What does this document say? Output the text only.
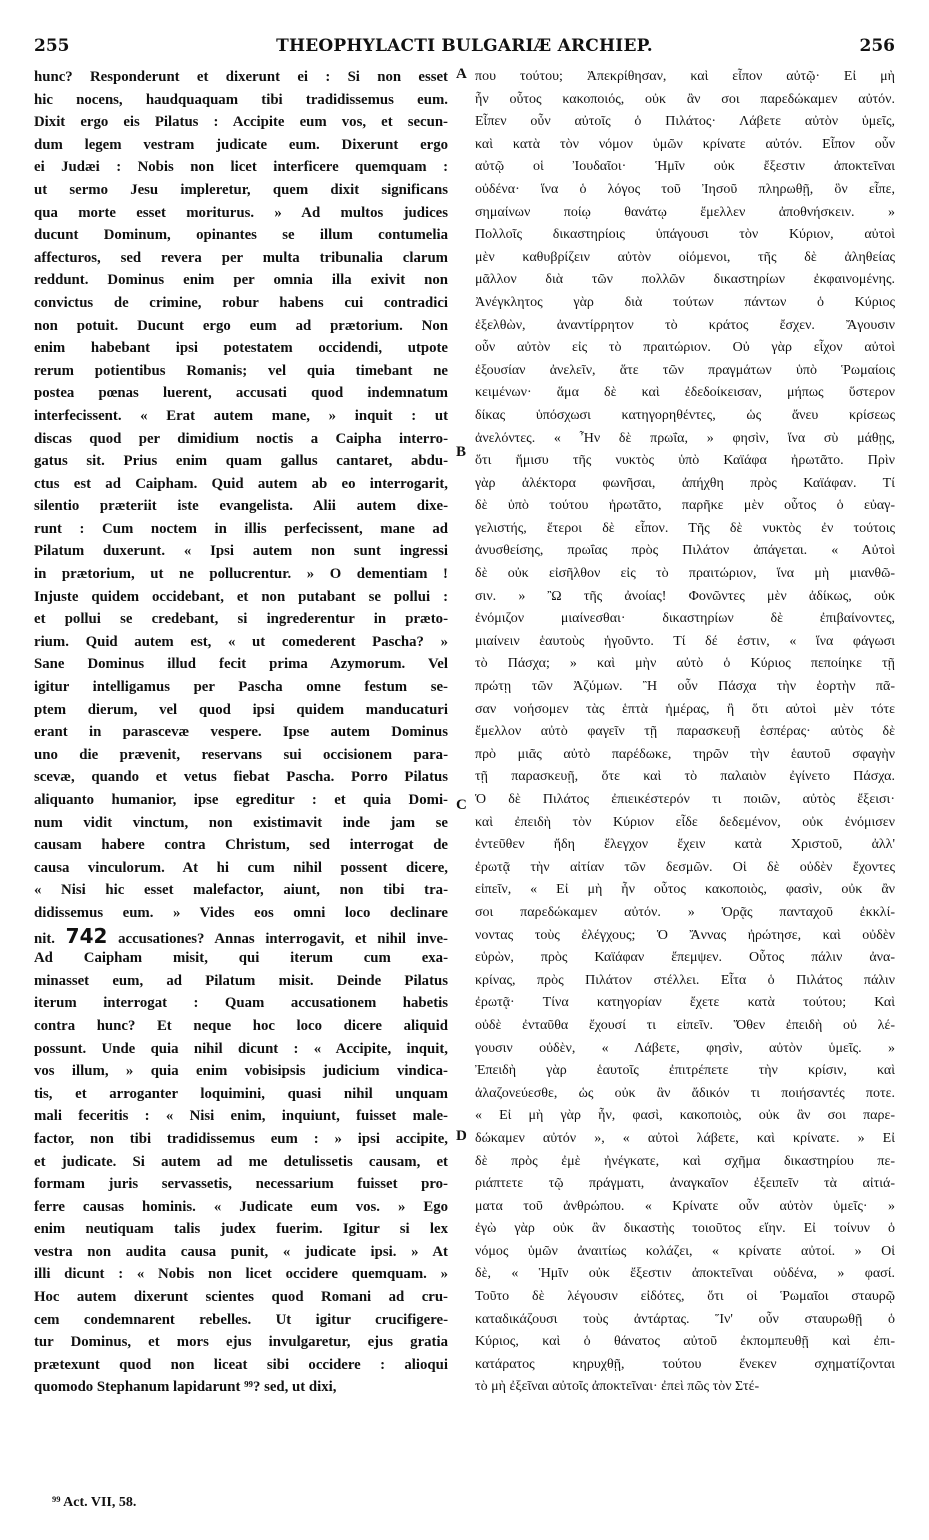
255	THEOPHYLACTI BULGARIÆ ARCHIEP.	256
hunc? Responderunt et dixerunt ei : Si non esset
hic nocens, haudquaquam tibi tradidissemus eum.
Dixit ergo eis Pilatus : Accipite eum vos, et secun-
dum legem vestram judicate eum. Dixerunt ergo
ei Judæi : Nobis non licet interficere quemquam :
ut sermo Jesu impleretur, quem dixit significans
qua morte esset moriturus. » Ad multos judices
ducunt Dominum, opinantes se illum contumelia
affecturos, sed revera per multa tribunalia clarum
reddunt. Dominus enim per omnia illa exivit non
convictus de crimine, robur habens cui contradici
non potuit. Ducunt ergo eum ad prætorium. Non
enim habebant ipsi potestatem occidendi, utpote
rerum potientibus Romanis; vel quia timebant ne
postea pœnas luerent, accusati quod indemnatum
interfecissent. « Erat autem mane, » inquit : ut
discas quod per dimidium noctis a Caipha interro-
gatus sit. Prius enim quam gallus cantaret, abdu-
ctus est ad Caipham. Quid autem ab eo interrogarit,
silentio præteriit iste evangelista. Alii autem dixe-
runt : Cum noctem in illis perfecissent, mane ad
Pilatum duxerunt. « Ipsi autem non sunt ingressi
in prætorium, ut ne pollucrentur. » O dementiam !
Injuste quidem occidebant, et non putabant se pollui :
et pollui se credebant, si ingrederentur in præto-
rium. Quid autem est, « ut comederent Pascha? »
Sane Dominus illud fecit prima Azymorum. Vel
igitur intelligamus per Pascha omne festum se-
ptem dierum, vel quod ipsi quidem manducaturi
erant in parascevæ vespere. Ipse autem Dominus
uno die prævenit, reservans sui occisionem para-
scevæ, quando et vetus fiebat Pascha. Porro Pilatus
aliquanto humanior, ipse egreditur : et quia Domi-
num vidit vinctum, non existimavit inde jam se
causam habere contra Christum, sed interrogat de
causa vinculorum. At hi cum nihil possent dicere,
« Nisi hic esset malefactor, aiunt, non tibi tra-
didissemus eum. » Vides eos omni loco declinare
nit. 742 accusationes? Annas interrogavit, et nihil inve-
Ad Caipham misit, qui iterum cum exa-
minasset eum, ad Pilatum misit. Deinde Pilatus
iterum interrogat : Quam accusationem habetis
contra hunc? Et neque hoc loco dicere aliquid
possunt. Unde quia nihil dicunt : « Accipite, inquit,
vos illum, » quia enim vobisipsis judicium vindica-
tis, et arroganter loquimini, quasi nihil unquam
mali feceritis : « Nisi enim, inquiunt, fuisset male-
factor, non tibi tradidissemus eum : » ipsi accipite,
et judicate. Si autem ad me detulissetis causam, et
formam juris servassetis, necessarium fuisset pro-
ferre causas hominis. « Judicate eum vos. » Ego
enim neutiquam talis judex fuerim. Igitur si lex
vestra non audita causa punit, « judicate ipsi. » At
illi dicunt : « Nobis non licet occidere quemquam. »
Hoc autem dixerunt scientes quod Romani ad cru-
cem condemnarent rebelles. Ut igitur crucifigere-
tur Dominus, et mors ejus invulgaretur, ejus gratia
prætexunt quod non liceat sibi occidere : alioqui
quomodo Stephanum lapidarunt ⁹⁹? sed, ut dixi,
που τούτου; Ἀπεκρίθησαν, καὶ εἶπον αὐτῷ· Εἰ μὴ
ἦν οὗτος κακοποιός, οὐκ ἂν σοι παρεδώκαμεν αὐτόν.
Εἶπεν οὖν αὐτοῖς ὁ Πιλάτος· Λάβετε αὐτὸν ὑμεῖς,
καὶ κατὰ τὸν νόμον ὑμῶν κρίνατε αὐτόν. Εἶπον οὖν
αὐτῷ οἱ Ἰουδαῖοι· Ἡμῖν οὐκ ἔξεστιν ἀποκτεῖναι
οὐδένα· ἵνα ὁ λόγος τοῦ Ἰησοῦ πληρωθῇ, ὃν εἶπε,
σημαίνων ποίῳ θανάτῳ ἔμελλεν ἀποθνήσκειν. »
Πολλοῖς δικαστηρίοις ὑπάγουσι τὸν Κύριον, αὐτοὶ
μὲν καθυβρίζειν αὐτὸν οἰόμενοι, τῆς δὲ ἀληθείας
μᾶλλον διὰ τῶν πολλῶν δικαστηρίων ἐκφαινομένης.
Ἀνέγκλητος γὰρ διὰ τούτων πάντων ὁ Κύριος
ἐξελθὼν, ἀναντίρρητον τὸ κράτος ἔσχεν. Ἄγουσιν
οὖν αὐτὸν εἰς τὸ πραιτώριον. Οὐ γὰρ εἶχον αὐτοὶ
ἐξουσίαν ἀνελεῖν, ἅτε τῶν πραγμάτων ὑπὸ Ῥωμαίοις
κειμένων· ἅμα δὲ καὶ ἐδεδοίκεισαν, μήπως ὕστερον
δίκας ὑπόσχωσι κατηγορηθέντες, ὡς ἄνευ κρίσεως
ἀνελόντες. « Ἦν δὲ πρωΐα, » φησὶν, ἵνα σὺ μάθῃς,
ὅτι ἥμισυ τῆς νυκτὸς ὑπὸ Καϊάφα ἠρωτᾶτο. Πρὶν
γὰρ ἀλέκτορα φωνῆσαι, ἀπήχθη πρὸς Καϊάφαν. Τί
δὲ ὑπὸ τούτου ἠρωτᾶτο, παρῆκε μὲν οὗτος ὁ εὐαγ-
γελιστής, ἕτεροι δὲ εἶπον. Τῆς δὲ νυκτὸς ἐν τούτοις
ἀνυσθείσης, πρωΐας πρὸς Πιλάτον ἀπάγεται. « Αὐτοὶ
δὲ οὐκ εἰσῆλθον εἰς τὸ πραιτώριον, ἵνα μὴ μιανθῶ-
σιν. » Ὢ τῆς ἀνοίας! Φονῶντες μὲν ἀδίκως, οὐκ
ἐνόμιζον μιαίνεσθαι· δικαστηρίων δὲ ἐπιβαίνοντες,
μιαίνειν ἑαυτοὺς ἡγοῦντο. Τί δέ ἐστιν, « ἵνα φάγωσι
τὸ Πάσχα; » καὶ μὴν αὐτὸ ὁ Κύριος πεποίηκε τῇ
πρώτῃ τῶν Ἀζύμων. Ἢ οὖν Πάσχα τὴν ἑορτὴν πᾶ-
σαν νοήσομεν τὰς ἑπτὰ ἡμέρας, ἢ ὅτι αὐτοὶ μὲν τότε
ἔμελλον αὐτὸ φαγεῖν τῇ παρασκευῇ ἑσπέρας· αὐτὸς δὲ
πρὸ μιᾶς αὐτὸ παρέδωκε, τηρῶν τὴν ἑαυτοῦ σφαγὴν
τῇ παρασκευῇ, ὅτε καὶ τὸ παλαιὸν ἐγίνετο Πάσχα.
Ὁ δὲ Πιλάτος ἐπιεικέστερόν τι ποιῶν, αὐτὸς ἔξεισι·
καὶ ἐπειδὴ τὸν Κύριον εἶδε δεδεμένον, οὐκ ἐνόμισεν
ἐντεῦθεν ἤδη ἔλεγχον ἔχειν κατὰ Χριστοῦ, ἀλλ'
ἐρωτᾷ τὴν αἰτίαν τῶν δεσμῶν. Οἱ δὲ οὐδὲν ἔχοντες
εἰπεῖν, « Εἰ μὴ ἦν οὗτος κακοποιὸς, φασὶν, οὐκ ἂν
σοι παρεδώκαμεν αὐτόν. » Ὁρᾷς πανταχοῦ ἐκκλί-
νοντας τοὺς ἐλέγχους; Ὁ Ἄννας ἠρώτησε, καὶ οὐδὲν
εὑρὼν, πρὸς Καϊάφαν ἔπεμψεν. Οὗτος πάλιν ἀνα-
κρίνας, πρὸς Πιλάτον στέλλει. Εἶτα ὁ Πιλάτος πάλιν
ἐρωτᾷ· Τίνα κατηγορίαν ἔχετε κατὰ τούτου; Καὶ
οὐδὲ ἐνταῦθα ἔχουσί τι εἰπεῖν. Ὅθεν ἐπειδὴ οὐ λέ-
γουσιν οὐδὲν, « Λάβετε, φησὶν, αὐτὸν ὑμεῖς. »
Ἐπειδὴ γὰρ ἑαυτοῖς ἐπιτρέπετε τὴν κρίσιν, καὶ
ἀλαζονεύεσθε, ὡς οὐκ ἂν ἄδικόν τι ποιήσαντές ποτε.
« Εἰ μὴ γὰρ ἦν, φασὶ, κακοποιὸς, οὐκ ἂν σοι παρε-
δώκαμεν αὐτόν », « αὐτοὶ λάβετε, καὶ κρίνατε. » Εἰ
δὲ πρὸς ἐμὲ ἠνέγκατε, καὶ σχῆμα δικαστηρίου πε-
ριάπτετε τῷ πράγματι, ἀναγκαῖον ἐξειπεῖν τὰ αἰτιά-
ματα τοῦ ἀνθρώπου. « Κρίνατε οὖν αὐτὸν ὑμεῖς· »
ἐγὼ γὰρ οὐκ ἂν δικαστὴς τοιοῦτος εἴην. Εἰ τοίνυν ὁ
νόμος ὑμῶν ἀναιτίως κολάζει, « κρίνατε αὐτοί. » Οἱ
δὲ, « Ἡμῖν οὐκ ἔξεστιν ἀποκτεῖναι οὐδένα, » φασί.
Τοῦτο δὲ λέγουσιν εἰδότες, ὅτι οἱ Ῥωμαῖοι σταυρῷ
καταδικάζουσι τοὺς ἀντάρτας. Ἵν' οὖν σταυρωθῇ ὁ
Κύριος, καὶ ὁ θάνατος αὐτοῦ ἐκπομπευθῇ καὶ ἐπι-
κατάρατος κηρυχθῇ, τούτου ἕνεκεν σχηματίζονται
τὸ μὴ ἐξεῖναι αὐτοῖς ἀποκτεῖναι· ἐπεὶ πῶς τὸν Στέ-
A
B
C
D
⁹⁹ Act. VII, 58.
